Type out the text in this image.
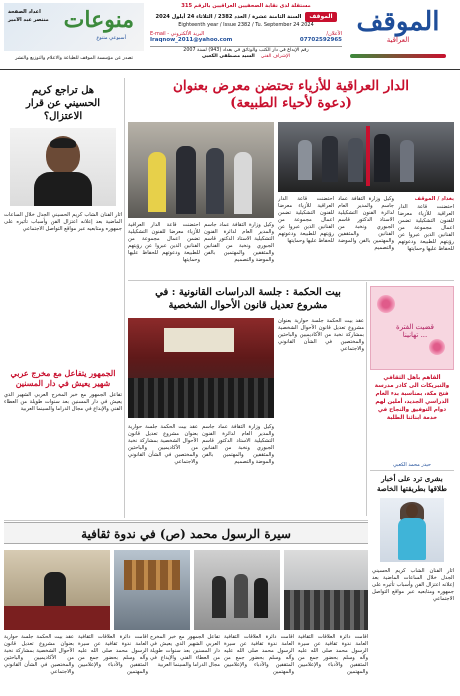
الموقف
العراقية
مستقلة لدى نقابة الصحفيين العراقيين بالرقم 315
الموقف
السنة الثامنة عشرة / العدد 2382 / الثلاثاء 24 أيلول 2024
Eighteenth year / Issue 2382 / Tu. September 24 2024
الأعلان/
07702592965
البريد الألكتروني - E-mail
Iraqnow_2011@yahoo.com
رقم الإيداع في دار الكتب والوثائق في بغداد (943) لسنة 2007
الإشراف الفني
السيد مصطفى الكعبي
منوعات
أسبوعي متنوع
اعداد الصفحة
منتصر عبد الامير
تصدر عن مؤسسة الموقف للطباعة والاعلام والتوزيع والنشر
الدار العراقية للأزياء تحتضن معرض بعنوان
(دعوة لأحياء الطبيعة)
بغداد / الموقف
احتضنت قاعة الدار العراقية للأزياء معرضا للفنون التشكيلية تضمن اعمال مجموعة من الفنانين الذين عبروا عن رؤيتهم للطبيعة ودعوتهم للحفاظ عليها وحمايتها
وكيل وزارة الثقافة عماد جاسم والمدير العام لدائرة الفنون التشكيلية الاستاذ الدكتور قاسم الجبوري ونخبة من الفنانين والمثقفين والمهتمين بالفن والموضة والتصميم
احتضنت قاعة الدار العراقية للأزياء معرضا للفنون التشكيلية تضمن اعمال مجموعة من الفنانين الذين عبروا عن رؤيتهم للطبيعة ودعوتهم للحفاظ عليها وحمايتها
وكيل وزارة الثقافة عماد جاسم والمدير العام لدائرة الفنون التشكيلية الاستاذ الدكتور قاسم الجبوري ونخبة من الفنانين والمثقفين والمهتمين بالفن والموضة والتصميم
احتضنت قاعة الدار العراقية للأزياء معرضا للفنون التشكيلية تضمن اعمال مجموعة من الفنانين الذين عبروا عن رؤيتهم للطبيعة ودعوتهم للحفاظ عليها وحمايتها
هل تراجع كريم
الحسيني عن قرار
الاعتزال؟
أثار الفنان الشاب كريم الحسيني الجدل خلال الساعات الماضية بعد إعلانه اعتزال الفن وأسباب تأثيره على جمهوره ومتابعيه عبر مواقع التواصل الاجتماعي
الجمهور يتفاعل مع مخرج عربي
شهير يعيش في دار المسنين
تفاعل الجمهور مع خبر المخرج العربي الشهير الذي يعيش في دار المسنين بعد سنوات طويلة من العطاء الفني والإبداع في مجال الدراما والسينما العربية
بيت الحكمة : جلسة الدراسات القانونية : في
مشروع تعديل قانون الأحوال الشخصية
عقد بيت الحكمة جلسة حوارية بعنوان مشروع تعديل قانون الأحوال الشخصية بمشاركة نخبة من الأكاديميين والباحثين والمختصين في الشأن القانوني والاجتماعي
عقد بيت الحكمة جلسة حوارية بعنوان مشروع تعديل قانون الأحوال الشخصية بمشاركة نخبة من الأكاديميين والباحثين والمختصين في الشأن القانوني والاجتماعي
وكيل وزارة الثقافة عماد جاسم والمدير العام لدائرة الفنون التشكيلية الاستاذ الدكتور قاسم الجبوري ونخبة من الفنانين والمثقفين والمهتمين بالفن والموضة والتصميم
قضيت الفترة ... تهانينا
ألقاهم بأهل الثقافي والتبريكات الى كادر مدرسة فتح مكة، بمناسبة بدء العام الدراسي الجديد، أملين لهم دوام التوفيق والنجاح في خدمة ابنائنا الطلبة
حيدر محمد الكعبي
بشرى ترد على أخبار
طلاقها بطريقتها الخاصة
سيرة الرسول محمد (ص) في ندوة ثقافية
أقامت دائرة العلاقات الثقافية العامة ندوة ثقافية عن سيرة الرسول محمد صلى الله عليه وآله وسلم بحضور جمع من المثقفين والأدباء والإعلاميين والمهتمين
أقامت دائرة العلاقات الثقافية العامة ندوة ثقافية عن سيرة الرسول محمد صلى الله عليه وآله وسلم بحضور جمع من المثقفين والأدباء والإعلاميين والمهتمين
تفاعل الجمهور مع خبر المخرج العربي الشهير الذي يعيش في دار المسنين بعد سنوات طويلة من العطاء الفني والإبداع في مجال الدراما والسينما العربية
أقامت دائرة العلاقات الثقافية العامة ندوة ثقافية عن سيرة الرسول محمد صلى الله عليه وآله وسلم بحضور جمع من المثقفين والأدباء والإعلاميين والمهتمين
عقد بيت الحكمة جلسة حوارية بعنوان مشروع تعديل قانون الأحوال الشخصية بمشاركة نخبة من الأكاديميين والباحثين والمختصين في الشأن القانوني والاجتماعي
أثار الفنان الشاب كريم الحسيني الجدل خلال الساعات الماضية بعد إعلانه اعتزال الفن وأسباب تأثيره على جمهوره ومتابعيه عبر مواقع التواصل الاجتماعي
